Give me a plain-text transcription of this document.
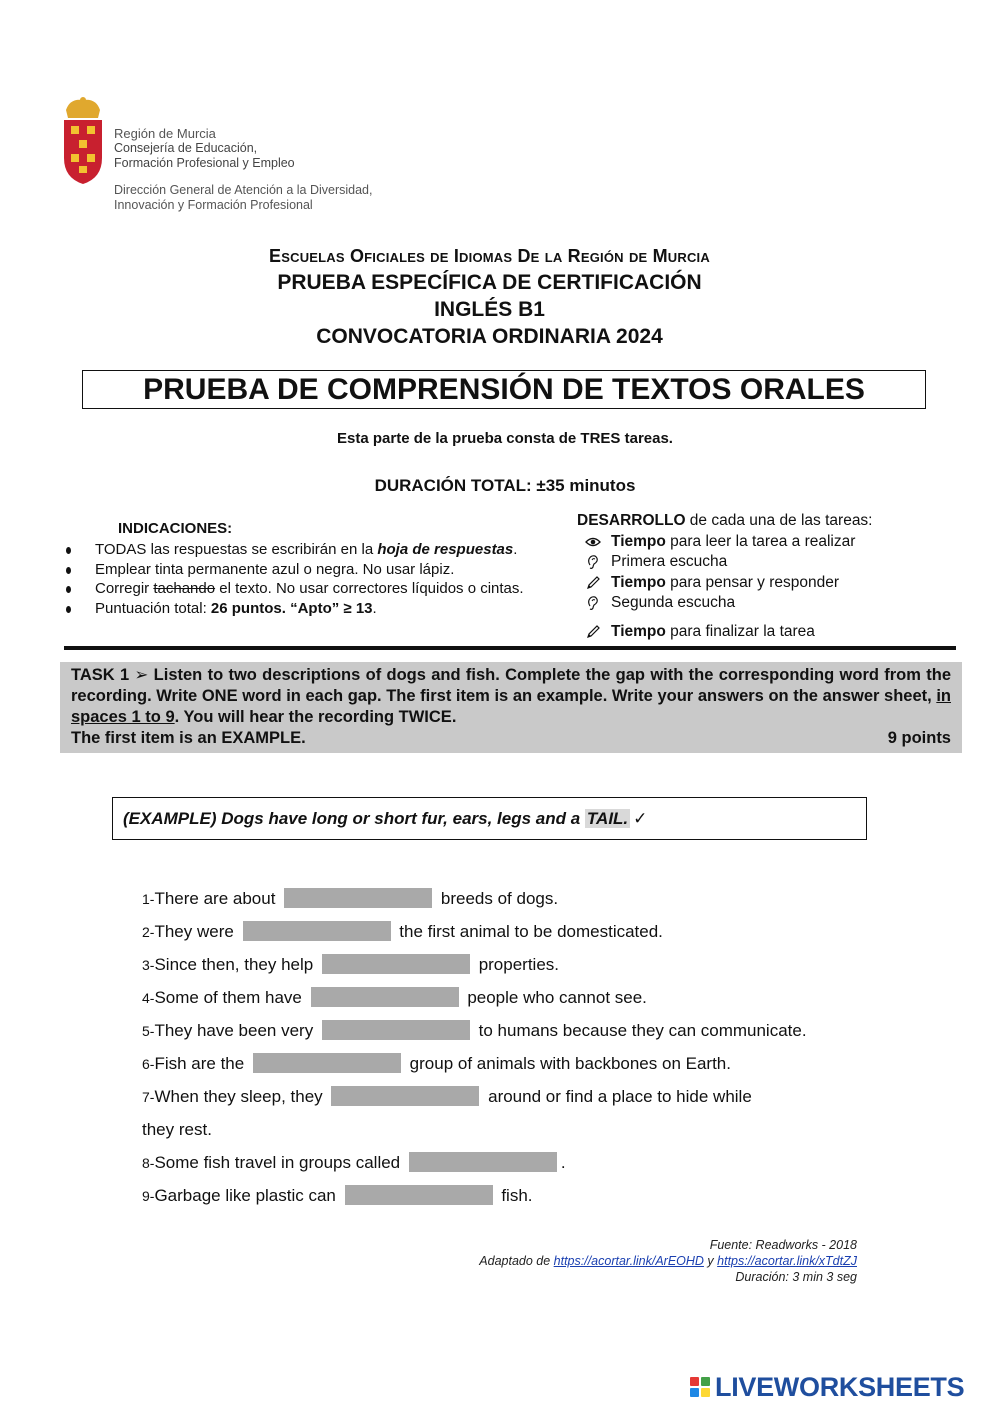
Región de Murcia
Consejería de Educación,
Formación Profesional y Empleo
Dirección General de Atención a la Diversidad,
Innovación y Formación Profesional
Escuelas Oficiales de Idiomas De la Región de Murcia
PRUEBA ESPECÍFICA DE CERTIFICACIÓN
INGLÉS B1
CONVOCATORIA ORDINARIA 2024
PRUEBA DE COMPRENSIÓN DE TEXTOS ORALES
Esta parte de la prueba consta de TRES tareas.
DURACIÓN TOTAL: ±35 minutos
INDICACIONES:
TODAS las respuestas se escribirán en la hoja de respuestas.
Emplear tinta permanente azul o negra. No usar lápiz.
Corregir tachando el texto. No usar correctores líquidos o cintas.
Puntuación total: 26 puntos. “Apto” ≥ 13.
DESARROLLO de cada una de las tareas:
Tiempo para leer la tarea a realizar
Primera escucha
Tiempo para pensar y responder
Segunda escucha
Tiempo para finalizar la tarea
TASK 1 ➢ Listen to two descriptions of dogs and fish. Complete the gap with the corresponding word from the recording. Write ONE word in each gap. The first item is an example. Write your answers on the answer sheet, in spaces 1 to 9. You will hear the recording TWICE.
The first item is an EXAMPLE.	9 points
(EXAMPLE) Dogs have long or short fur, ears, legs and a TAIL. ✓
1-There are about	breeds of dogs.
2-They were	the first animal to be domesticated.
3-Since then, they help	properties.
4-Some of them have	people who cannot see.
5-They have been very	to humans because they can communicate.
6-Fish are the	group of animals with backbones on Earth.
7-When they sleep, they	around or find a place to hide while
they rest.
8-Some fish travel in groups called	.
9-Garbage like plastic can	fish.
Fuente: Readworks - 2018
Adaptado de https://acortar.link/ArEOHD y https://acortar.link/xTdtZJ
Duración: 3 min 3 seg
LIVEWORKSHEETS
